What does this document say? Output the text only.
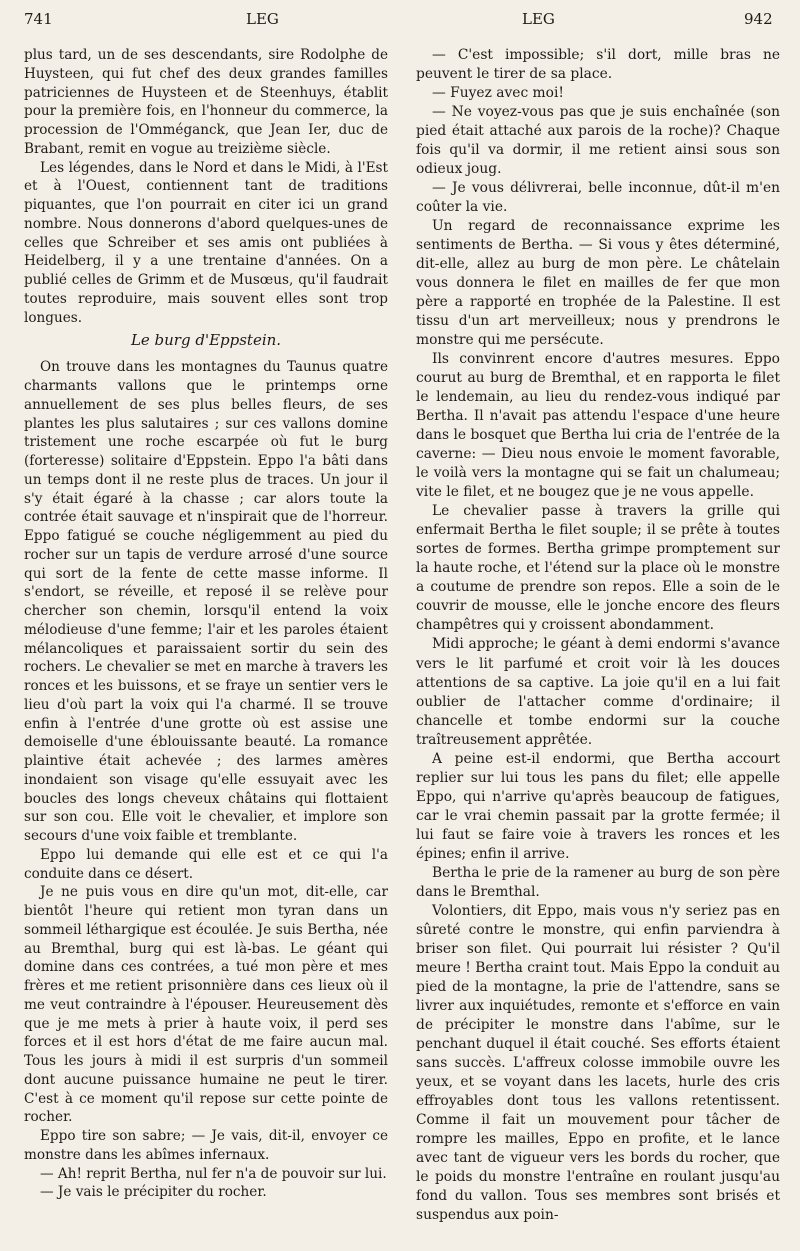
741	LEG	LEG	942

plus tard, un de ses descendants, sire Rodolphe de Huysteen, qui fut chef des deux grandes familles patriciennes de Huysteen et de Steenhuys, établit pour la première fois, en l'honneur du commerce, la procession de l'Omméganck, que Jean Ier, duc de Brabant, remit en vogue au treizième siècle.

Les légendes, dans le Nord et dans le Midi, à l'Est et à l'Ouest, contiennent tant de traditions piquantes, que l'on pourrait en citer ici un grand nombre. Nous donnerons d'abord quelques-unes de celles que Schreiber et ses amis ont publiées à Heidelberg, il y a une trentaine d'années. On a publié celles de Grimm et de Musœus, qu'il faudrait toutes reproduire, mais souvent elles sont trop longues.

Le burg d'Eppstein.

On trouve dans les montagnes du Taunus quatre charmants vallons que le printemps orne annuellement de ses plus belles fleurs, de ses plantes les plus salutaires ; sur ces vallons domine tristement une roche escarpée où fut le burg (forteresse) solitaire d'Eppstein. Eppo l'a bâti dans un temps dont il ne reste plus de traces. Un jour il s'y était égaré à la chasse ; car alors toute la contrée était sauvage et n'inspirait que de l'horreur. Eppo fatigué se couche négligemment au pied du rocher sur un tapis de verdure arrosé d'une source qui sort de la fente de cette masse informe. Il s'endort, se réveille, et reposé il se relève pour chercher son chemin, lorsqu'il entend la voix mélodieuse d'une femme; l'air et les paroles étaient mélancoliques et paraissaient sortir du sein des rochers. Le chevalier se met en marche à travers les ronces et les buissons, et se fraye un sentier vers le lieu d'où part la voix qui l'a charmé. Il se trouve enfin à l'entrée d'une grotte où est assise une demoiselle d'une éblouissante beauté. La romance plaintive était achevée ; des larmes amères inondaient son visage qu'elle essuyait avec les boucles des longs cheveux châtains qui flottaient sur son cou. Elle voit le chevalier, et implore son secours d'une voix faible et tremblante.

Eppo lui demande qui elle est et ce qui l'a conduite dans ce désert.

Je ne puis vous en dire qu'un mot, dit-elle, car bientôt l'heure qui retient mon tyran dans un sommeil léthargique est écoulée. Je suis Bertha, née au Bremthal, burg qui est là-bas. Le géant qui domine dans ces contrées, a tué mon père et mes frères et me retient prisonnière dans ces lieux où il me veut contraindre à l'épouser. Heureusement dès que je me mets à prier à haute voix, il perd ses forces et il est hors d'état de me faire aucun mal. Tous les jours à midi il est surpris d'un sommeil dont aucune puissance humaine ne peut le tirer. C'est à ce moment qu'il repose sur cette pointe de rocher.

Eppo tire son sabre; — Je vais, dit-il, envoyer ce monstre dans les abîmes infernaux.

— Ah! reprit Bertha, nul fer n'a de pouvoir sur lui.

— Je vais le précipiter du rocher.

— C'est impossible; s'il dort, mille bras ne peuvent le tirer de sa place.

— Fuyez avec moi!

— Ne voyez-vous pas que je suis enchaînée (son pied était attaché aux parois de la roche)? Chaque fois qu'il va dormir, il me retient ainsi sous son odieux joug.

— Je vous délivrerai, belle inconnue, dût-il m'en coûter la vie.

Un regard de reconnaissance exprime les sentiments de Bertha. — Si vous y êtes déterminé, dit-elle, allez au burg de mon père. Le châtelain vous donnera le filet en mailles de fer que mon père a rapporté en trophée de la Palestine. Il est tissu d'un art merveilleux; nous y prendrons le monstre qui me persécute.

Ils convinrent encore d'autres mesures. Eppo courut au burg de Bremthal, et en rapporta le filet le lendemain, au lieu du rendez-vous indiqué par Bertha. Il n'avait pas attendu l'espace d'une heure dans le bosquet que Bertha lui cria de l'entrée de la caverne: — Dieu nous envoie le moment favorable, le voilà vers la montagne qui se fait un chalumeau; vite le filet, et ne bougez que je ne vous appelle.

Le chevalier passe à travers la grille qui enfermait Bertha le filet souple; il se prête à toutes sortes de formes. Bertha grimpe promptement sur la haute roche, et l'étend sur la place où le monstre a coutume de prendre son repos. Elle a soin de le couvrir de mousse, elle le jonche encore des fleurs champêtres qui y croissent abondamment.

Midi approche; le géant à demi endormi s'avance vers le lit parfumé et croit voir là les douces attentions de sa captive. La joie qu'il en a lui fait oublier de l'attacher comme d'ordinaire; il chancelle et tombe endormi sur la couche traîtreusement apprêtée.

A peine est-il endormi, que Bertha accourt replier sur lui tous les pans du filet; elle appelle Eppo, qui n'arrive qu'après beaucoup de fatigues, car le vrai chemin passait par la grotte fermée; il lui faut se faire voie à travers les ronces et les épines; enfin il arrive.

Bertha le prie de la ramener au burg de son père dans le Bremthal.

Volontiers, dit Eppo, mais vous n'y seriez pas en sûreté contre le monstre, qui enfin parviendra à briser son filet. Qui pourrait lui résister ? Qu'il meure ! Bertha craint tout. Mais Eppo la conduit au pied de la montagne, la prie de l'attendre, sans se livrer aux inquiétudes, remonte et s'efforce en vain de précipiter le monstre dans l'abîme, sur le penchant duquel il était couché. Ses efforts étaient sans succès. L'affreux colosse immobile ouvre les yeux, et se voyant dans les lacets, hurle des cris effroyables dont tous les vallons retentissent. Comme il fait un mouvement pour tâcher de rompre les mailles, Eppo en profite, et le lance avec tant de vigueur vers les bords du rocher, que le poids du monstre l'entraîne en roulant jusqu'au fond du vallon. Tous ses membres sont brisés et suspendus aux poin-
